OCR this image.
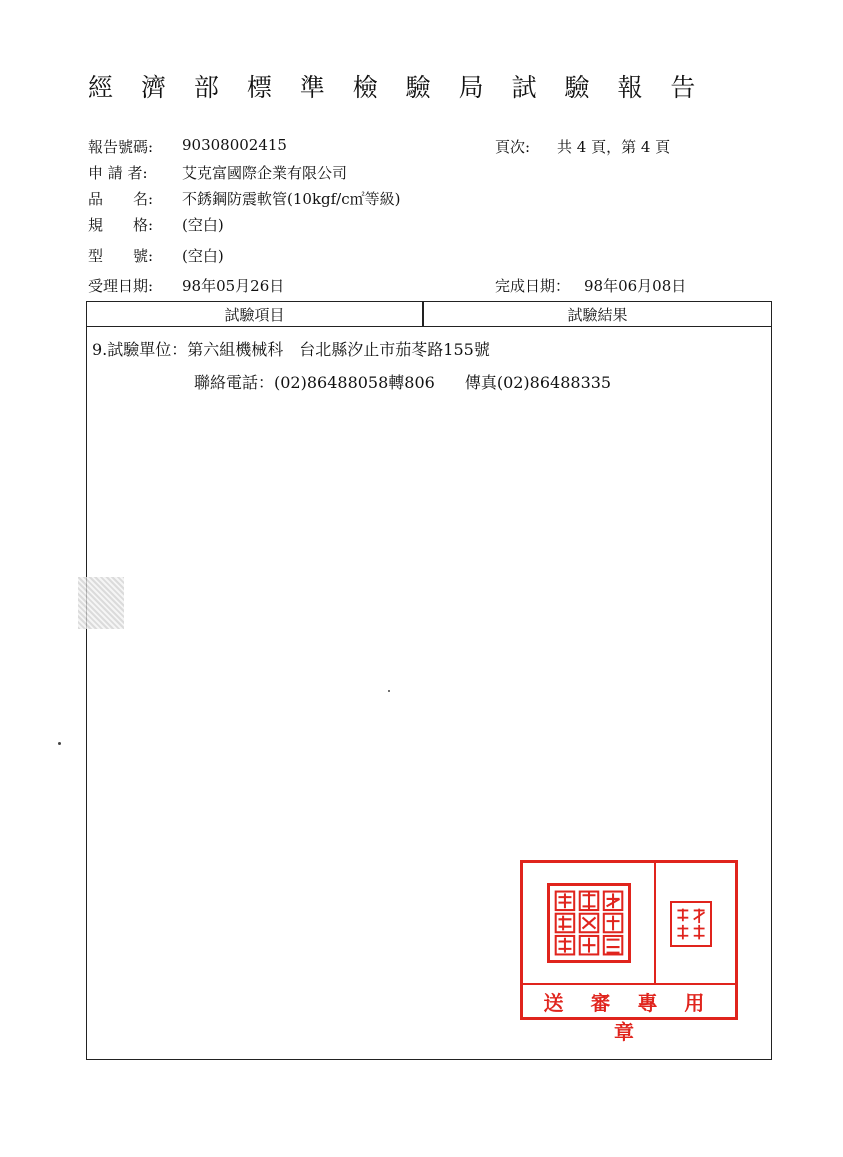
經 濟 部 標 準 檢 驗 局 試 驗 報 告
報告號碼: 90308002415	頁次: 共 4 頁，第 4 頁
申 請 者: 艾克富國際企業有限公司
品　　名: 不銹鋼防震軟管(10kgf/c㎡等級)
規　　格: (空白)
型　　號: (空白)
受理日期: 98年05月26日	完成日期： 98年06月08日
試驗項目	試驗結果
9.試驗單位：第六組機械科 台北縣汐止市茄苳路155號
聯絡電話：(02)86488058轉806 傳真(02)86488335
送 審 專 用 章
